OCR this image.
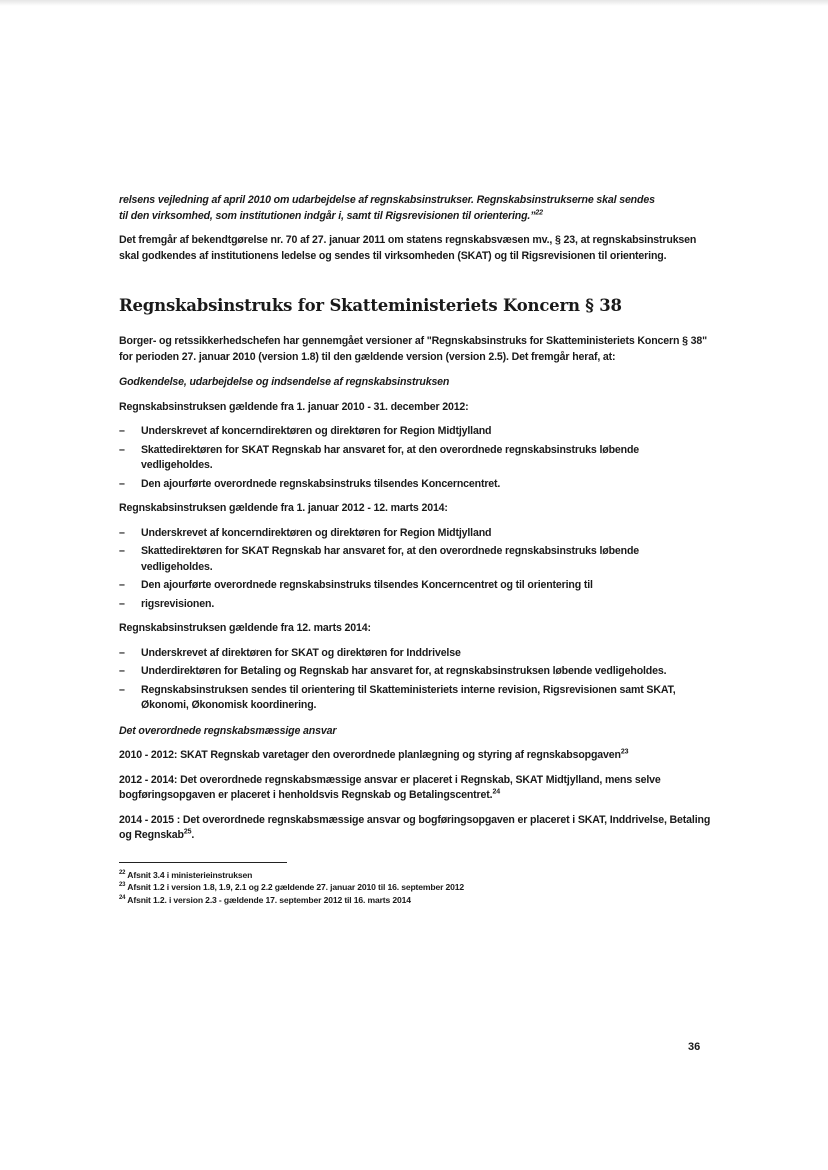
relsens vejledning af april 2010 om udarbejdelse af regnskabsinstrukser. Regnskabsinstrukserne skal sendes
til den virksomhed, som institutionen indgår i, samt til Rigsrevisionen til orientering.”$^{22}$

Det fremgår af bekendtgørelse nr. 70 af 27. januar 2011 om statens regnskabsvæsen mv., § 23, at regnskabsinstruksen skal godkendes af institutionens ledelse og sendes til virksomheden (SKAT) og til Rigsrevisionen til orientering.

Regnskabsinstruks for Skatteministeriets Koncern § 38

Borger- og retssikkerhedschefen har gennemgået versioner af "Regnskabsinstruks for Skatteministeriets Koncern § 38" for perioden 27. januar 2010 (version 1.8) til den gældende version (version 2.5). Det fremgår heraf, at:

Godkendelse, udarbejdelse og indsendelse af regnskabsinstruksen

Regnskabsinstruksen gældende fra 1. januar 2010 - 31. december 2012:

– Underskrevet af koncerndirektøren og direktøren for Region Midtjylland
– Skattedirektøren for SKAT Regnskab har ansvaret for, at den overordnede regnskabsinstruks løbende vedligeholdes.
– Den ajourførte overordnede regnskabsinstruks tilsendes Koncerncentret.

Regnskabsinstruksen gældende fra 1. januar 2012 - 12. marts 2014:

– Underskrevet af koncerndirektøren og direktøren for Region Midtjylland
– Skattedirektøren for SKAT Regnskab har ansvaret for, at den overordnede regnskabsinstruks løbende vedligeholdes.
– Den ajourførte overordnede regnskabsinstruks tilsendes Koncerncentret og til orientering til
– rigsrevisionen.

Regnskabsinstruksen gældende fra 12. marts 2014:

– Underskrevet af direktøren for SKAT og direktøren for Inddrivelse
– Underdirektøren for Betaling og Regnskab har ansvaret for, at regnskabsinstruksen løbende vedligeholdes.
– Regnskabsinstruksen sendes til orientering til Skatteministeriets interne revision, Rigsrevisionen samt SKAT, Økonomi, Økonomisk koordinering.

Det overordnede regnskabsmæssige ansvar

2010 - 2012: SKAT Regnskab varetager den overordnede planlægning og styring af regnskabsopgaven$^{23}$

2012 - 2014: Det overordnede regnskabsmæssige ansvar er placeret i Regnskab, SKAT Midtjylland, mens selve bogføringsopgaven er placeret i henholdsvis Regnskab og Betalingscentret.$^{24}$

2014 - 2015 : Det overordnede regnskabsmæssige ansvar og bogføringsopgaven er placeret i SKAT, Inddrivelse, Betaling og Regnskab$^{25}$.

$^{22}$ Afsnit 3.4 i ministerieinstruksen

$^{23}$ Afsnit 1.2 i version 1.8, 1.9, 2.1 og 2.2 gældende 27. januar 2010 til 16. september 2012

$^{24}$ Afsnit 1.2. i version 2.3 - gældende 17. september 2012 til 16. marts 2014

36
